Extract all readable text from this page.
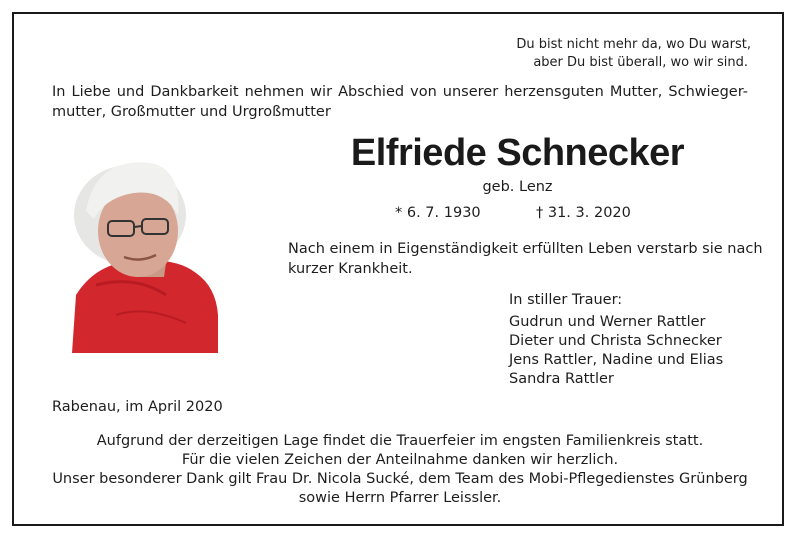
Du bist nicht mehr da, wo Du warst,
aber Du bist überall, wo wir sind.
In Liebe und Dankbarkeit nehmen wir Abschied von unserer herzensguten Mutter, Schwieger-
mutter, Großmutter und Urgroßmutter
Elfriede Schnecker
geb. Lenz
* 6. 7. 1930	† 31. 3. 2020
Nach einem in Eigenständigkeit erfüllten Leben verstarb sie nach
kurzer Krankheit.
In stiller Trauer:
Gudrun und Werner Rattler
Dieter und Christa Schnecker
Jens Rattler, Nadine und Elias
Sandra Rattler
Rabenau, im April 2020
Aufgrund der derzeitigen Lage findet die Trauerfeier im engsten Familienkreis statt.
Für die vielen Zeichen der Anteilnahme danken wir herzlich.
Unser besonderer Dank gilt Frau Dr. Nicola Sucké, dem Team des Mobi-Pflegedienstes Grünberg
sowie Herrn Pfarrer Leissler.
